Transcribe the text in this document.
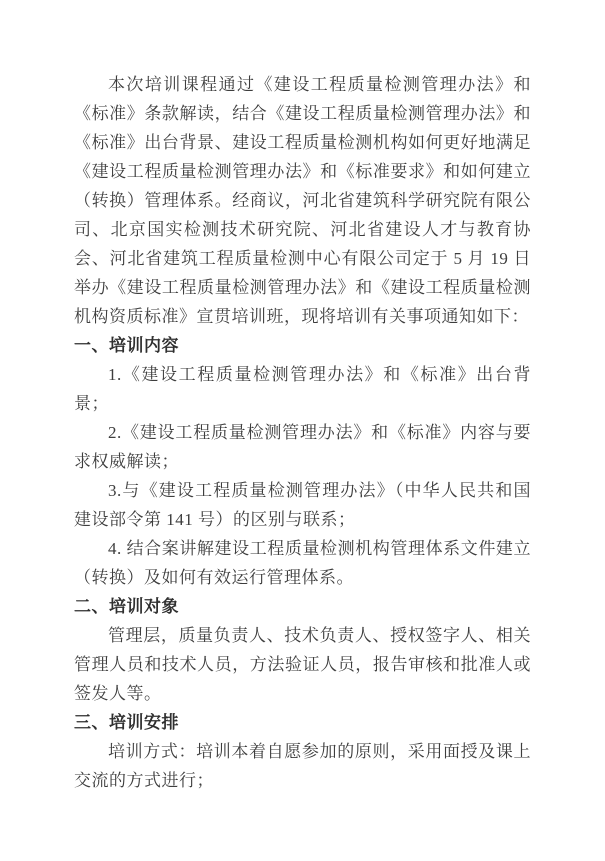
本次培训课程通过《建设工程质量检测管理办法》和《标准》条款解读，结合《建设工程质量检测管理办法》和《标准》出台背景、建设工程质量检测机构如何更好地满足《建设工程质量检测管理办法》和《标准要求》和如何建立（转换）管理体系。经商议，河北省建筑科学研究院有限公司、北京国实检测技术研究院、河北省建设人才与教育协会、河北省建筑工程质量检测中心有限公司定于 5 月 19 日举办《建设工程质量检测管理办法》和《建设工程质量检测机构资质标准》宣贯培训班，现将培训有关事项通知如下：

一、培训内容

1.《建设工程质量检测管理办法》和《标准》出台背景；

2.《建设工程质量检测管理办法》和《标准》内容与要求权威解读；

3.与《建设工程质量检测管理办法》（中华人民共和国建设部令第 141 号）的区别与联系；

4. 结合案讲解建设工程质量检测机构管理体系文件建立（转换）及如何有效运行管理体系。

二、培训对象

管理层，质量负责人、技术负责人、授权签字人、相关管理人员和技术人员，方法验证人员，报告审核和批准人或签发人等。

三、培训安排

培训方式：培训本着自愿参加的原则，采用面授及课上交流的方式进行；
